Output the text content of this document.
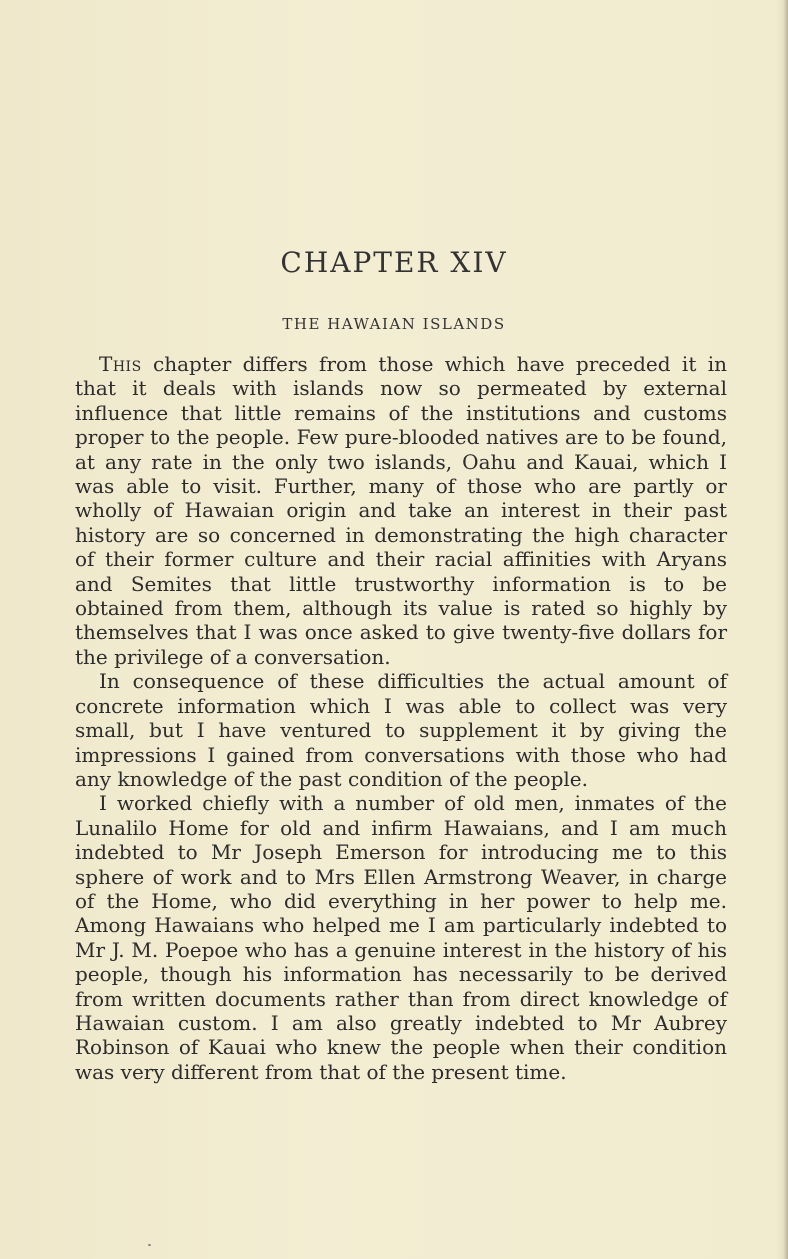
CHAPTER XIV
THE HAWAIAN ISLANDS

This chapter differs from those which have preceded it in that it deals with islands now so permeated by external influence that little remains of the institutions and customs proper to the people. Few pure-blooded natives are to be found, at any rate in the only two islands, Oahu and Kauai, which I was able to visit. Further, many of those who are partly or wholly of Hawaian origin and take an interest in their past history are so concerned in demonstrating the high character of their former culture and their racial affinities with Aryans and Semites that little trustworthy information is to be obtained from them, although its value is rated so highly by themselves that I was once asked to give twenty-five dollars for the privilege of a conversation.

In consequence of these difficulties the actual amount of concrete information which I was able to collect was very small, but I have ventured to supplement it by giving the impressions I gained from conversations with those who had any knowledge of the past condition of the people.

I worked chiefly with a number of old men, inmates of the Lunalilo Home for old and infirm Hawaians, and I am much indebted to Mr Joseph Emerson for introducing me to this sphere of work and to Mrs Ellen Armstrong Weaver, in charge of the Home, who did everything in her power to help me. Among Hawaians who helped me I am particularly indebted to Mr J. M. Poepoe who has a genuine interest in the history of his people, though his information has necessarily to be derived from written documents rather than from direct knowledge of Hawaian custom. I am also greatly indebted to Mr Aubrey Robinson of Kauai who knew the people when their condition was very different from that of the present time.
